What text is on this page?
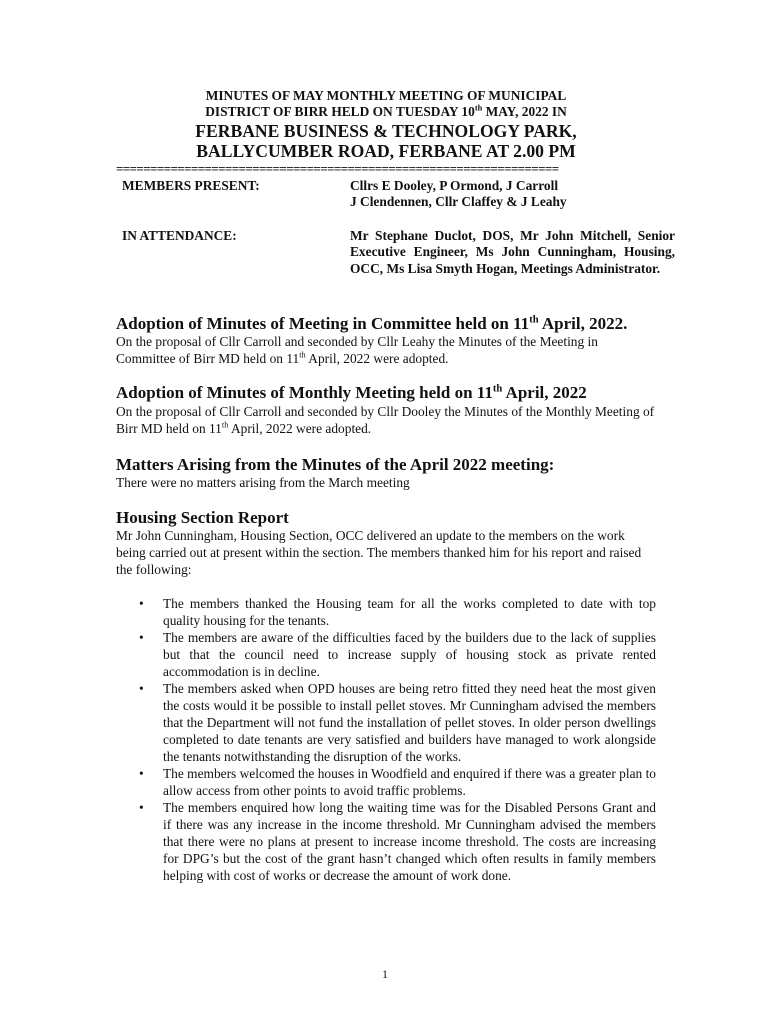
MINUTES OF MAY MONTHLY MEETING OF MUNICIPAL
DISTRICT OF BIRR HELD ON TUESDAY 10th MAY, 2022 IN
FERBANE BUSINESS & TECHNOLOGY PARK,
BALLYCUMBER ROAD, FERBANE AT 2.00 PM
=================================================================
MEMBERS PRESENT:	Cllrs E Dooley, P Ormond, J Carroll
J Clendennen, Cllr Claffey & J Leahy
IN ATTENDANCE:	Mr Stephane Duclot, DOS, Mr John Mitchell, Senior Executive Engineer, Ms John Cunningham, Housing, OCC, Ms Lisa Smyth Hogan, Meetings Administrator.
Adoption of Minutes of Meeting in Committee held on 11th April, 2022.
On the proposal of Cllr Carroll and seconded by Cllr Leahy the Minutes of the Meeting in Committee of Birr MD held on 11th April, 2022 were adopted.
Adoption of Minutes of Monthly Meeting held on 11th April, 2022
On the proposal of Cllr Carroll and seconded by Cllr Dooley the Minutes of the Monthly Meeting of Birr MD held on 11th April, 2022 were adopted.
Matters Arising from the Minutes of the April 2022 meeting:
There were no matters arising from the March meeting
Housing Section Report
Mr John Cunningham, Housing Section, OCC delivered an update to the members on the work being carried out at present within the section. The members thanked him for his report and raised the following:
• The members thanked the Housing team for all the works completed to date with top quality housing for the tenants.
• The members are aware of the difficulties faced by the builders due to the lack of supplies but that the council need to increase supply of housing stock as private rented accommodation is in decline.
• The members asked when OPD houses are being retro fitted they need heat the most given the costs would it be possible to install pellet stoves. Mr Cunningham advised the members that the Department will not fund the installation of pellet stoves. In older person dwellings completed to date tenants are very satisfied and builders have managed to work alongside the tenants notwithstanding the disruption of the works.
• The members welcomed the houses in Woodfield and enquired if there was a greater plan to allow access from other points to avoid traffic problems.
• The members enquired how long the waiting time was for the Disabled Persons Grant and if there was any increase in the income threshold. Mr Cunningham advised the members that there were no plans at present to increase income threshold. The costs are increasing for DPG’s but the cost of the grant hasn’t changed which often results in family members helping with cost of works or decrease the amount of work done.
1
